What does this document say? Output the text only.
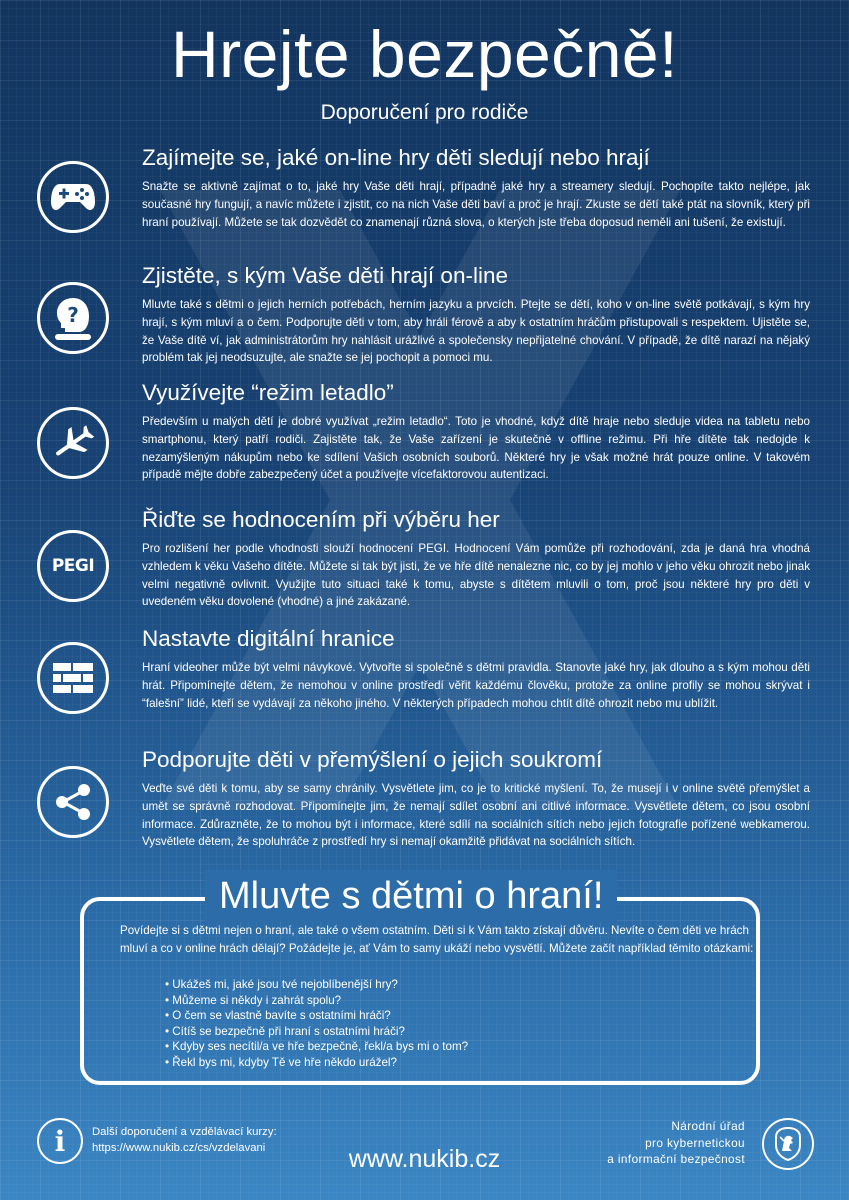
Hrejte bezpečně!
Doporučení pro rodiče
Zajímejte se, jaké on-line hry děti sledují nebo hrají

Snažte se aktivně zajímat o to, jaké hry Vaše děti hrají, případně jaké hry a streamery sledují. Pochopíte takto nejlépe, jak současné hry fungují, a navíc můžete i zjistit, co na nich Vaše děti baví a proč je hrají. Zkuste se dětí také ptát na slovník, který při hraní používají. Můžete se tak dozvědět co znamenají různá slova, o kterých jste třeba doposud neměli ani tušení, že existují.

?
Zjistěte, s kým Vaše děti hrají on-line

Mluvte také s dětmi o jejich herních potřebách, herním jazyku a prvcích. Ptejte se dětí, koho v on-line světě potkávají, s kým hry hrají, s kým mluví a o čem. Podporujte děti v tom, aby hráli férově a aby k ostatním hráčům přistupovali s respektem. Ujistěte se, že Vaše dítě ví, jak administrátorům hry nahlásit urážlivé a společensky nepřijatelné chování. V případě, že dítě narazí na nějaký problém tak jej neodsuzujte, ale snažte se jej pochopit a pomoci mu.

Využívejte “režim letadlo”

Především u malých dětí je dobré využívat „režim letadlo“. Toto je vhodné, když dítě hraje nebo sleduje videa na tabletu nebo smartphonu, který patří rodiči. Zajistěte tak, že Vaše zařízení je skutečně v offline režimu. Při hře dítěte tak nedojde k nezamýšleným nákupům nebo ke sdílení Vašich osobních souborů. Některé hry je však možné hrát pouze online. V takovém případě mějte dobře zabezpečený účet a používejte vícefaktorovou autentizaci.

PEGI
Řiďte se hodnocením při výběru her

Pro rozlišení her podle vhodnosti slouží hodnocení PEGI. Hodnocení Vám pomůže při rozhodování, zda je daná hra vhodná vzhledem k věku Vašeho dítěte. Můžete si tak být jisti, že ve hře dítě nenalezne nic, co by jej mohlo v jeho věku ohrozit nebo jinak velmi negativně ovlivnit. Využijte tuto situaci také k tomu, abyste s dítětem mluvili o tom, proč jsou některé hry pro děti v uvedeném věku dovolené (vhodné) a jiné zakázané.

Nastavte digitální hranice

Hraní videoher může být velmi návykové. Vytvořte si společně s dětmi pravidla. Stanovte jaké hry, jak dlouho a s kým mohou děti hrát. Připomínejte dětem, že nemohou v online prostředí věřit každému člověku, protože za online profily se mohou skrývat i “falešní” lidé, kteří se vydávají za někoho jiného. V některých případech mohou chtít dítě ohrozit nebo mu ublížit.

Podporujte děti v přemýšlení o jejich soukromí

Veďte své děti k tomu, aby se samy chránily. Vysvětlete jim, co je to kritické myšlení. To, že musejí i v online světě přemýšlet a umět se správně rozhodovat. Připomínejte jim, že nemají sdílet osobní ani citlivé informace. Vysvětlete dětem, co jsou osobní informace. Zdůrazněte, že to mohou být i informace, které sdílí na sociálních sítích nebo jejich fotografie pořízené webkamerou. Vysvětlete dětem, že spoluhráče z prostředí hry si nemají okamžitě přidávat na sociálních sítích.

Mluvte s dětmi o hraní!

Povídejte si s dětmi nejen o hraní, ale také o všem ostatním. Děti si k Vám takto získají důvěru. Nevíte o čem děti ve hrách mluví a co v online hrách dělají? Požádejte je, ať Vám to samy ukáží nebo vysvětlí. Můžete začít například těmito otázkami:

• Ukážeš mi, jaké jsou tvé nejoblíbenější hry?
• Můžeme si někdy i zahrát spolu?
• O čem se vlastně bavíte s ostatními hráči?
• Cítíš se bezpečně při hraní s ostatními hráči?
• Kdyby ses necítil/a ve hře bezpečně, řekl/a bys mi o tom?
• Řekl bys mi, kdyby Tě ve hře někdo urážel?
i Další doporučení a vzdělávací kurzy:
https://www.nukib.cz/cs/vzdelavani	www.nukib.cz
Národní úřad
pro kybernetickou
a informační bezpečnost
